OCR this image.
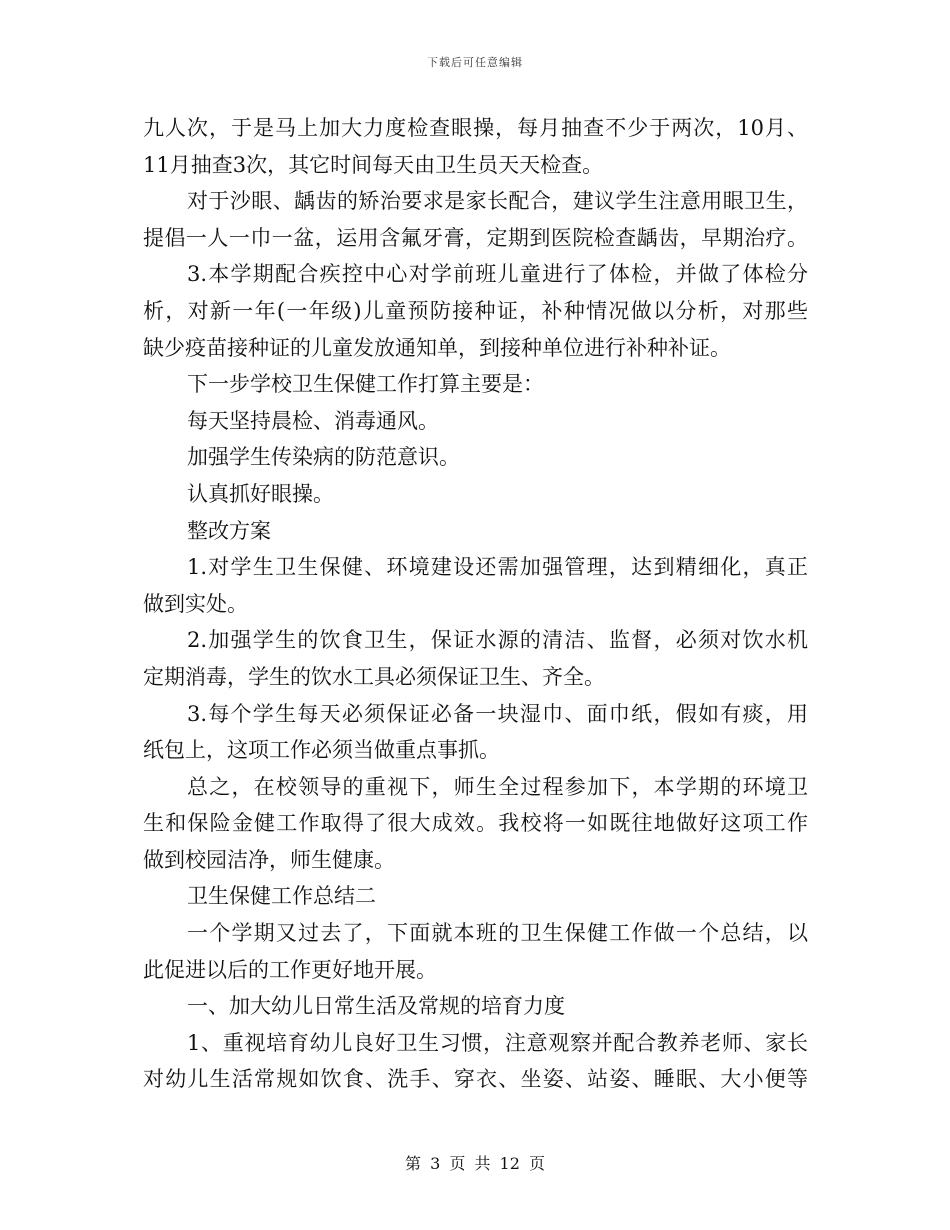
下载后可任意编辑
九人次，于是马上加大力度检查眼操，每月抽查不少于两次，10月、
11月抽查3次，其它时间每天由卫生员天天检查。
对于沙眼、龋齿的矫治要求是家长配合，建议学生注意用眼卫生，
提倡一人一巾一盆，运用含氟牙膏，定期到医院检查龋齿，早期治疗。
3.本学期配合疾控中心对学前班儿童进行了体检，并做了体检分
析，对新一年(一年级)儿童预防接种证，补种情况做以分析，对那些
缺少疫苗接种证的儿童发放通知单，到接种单位进行补种补证。
下一步学校卫生保健工作打算主要是：
每天坚持晨检、消毒通风。
加强学生传染病的防范意识。
认真抓好眼操。
整改方案
1.对学生卫生保健、环境建设还需加强管理，达到精细化，真正
做到实处。
2.加强学生的饮食卫生，保证水源的清洁、监督，必须对饮水机
定期消毒，学生的饮水工具必须保证卫生、齐全。
3.每个学生每天必须保证必备一块湿巾、面巾纸，假如有痰，用
纸包上，这项工作必须当做重点事抓。
总之，在校领导的重视下，师生全过程参加下，本学期的环境卫
生和保险金健工作取得了很大成效。我校将一如既往地做好这项工作
做到校园洁净，师生健康。
卫生保健工作总结二
一个学期又过去了，下面就本班的卫生保健工作做一个总结，以
此促进以后的工作更好地开展。
一、加大幼儿日常生活及常规的培育力度
1、重视培育幼儿良好卫生习惯，注意观察并配合教养老师、家长
对幼儿生活常规如饮食、洗手、穿衣、坐姿、站姿、睡眠、大小便等
第 3 页 共 12 页
